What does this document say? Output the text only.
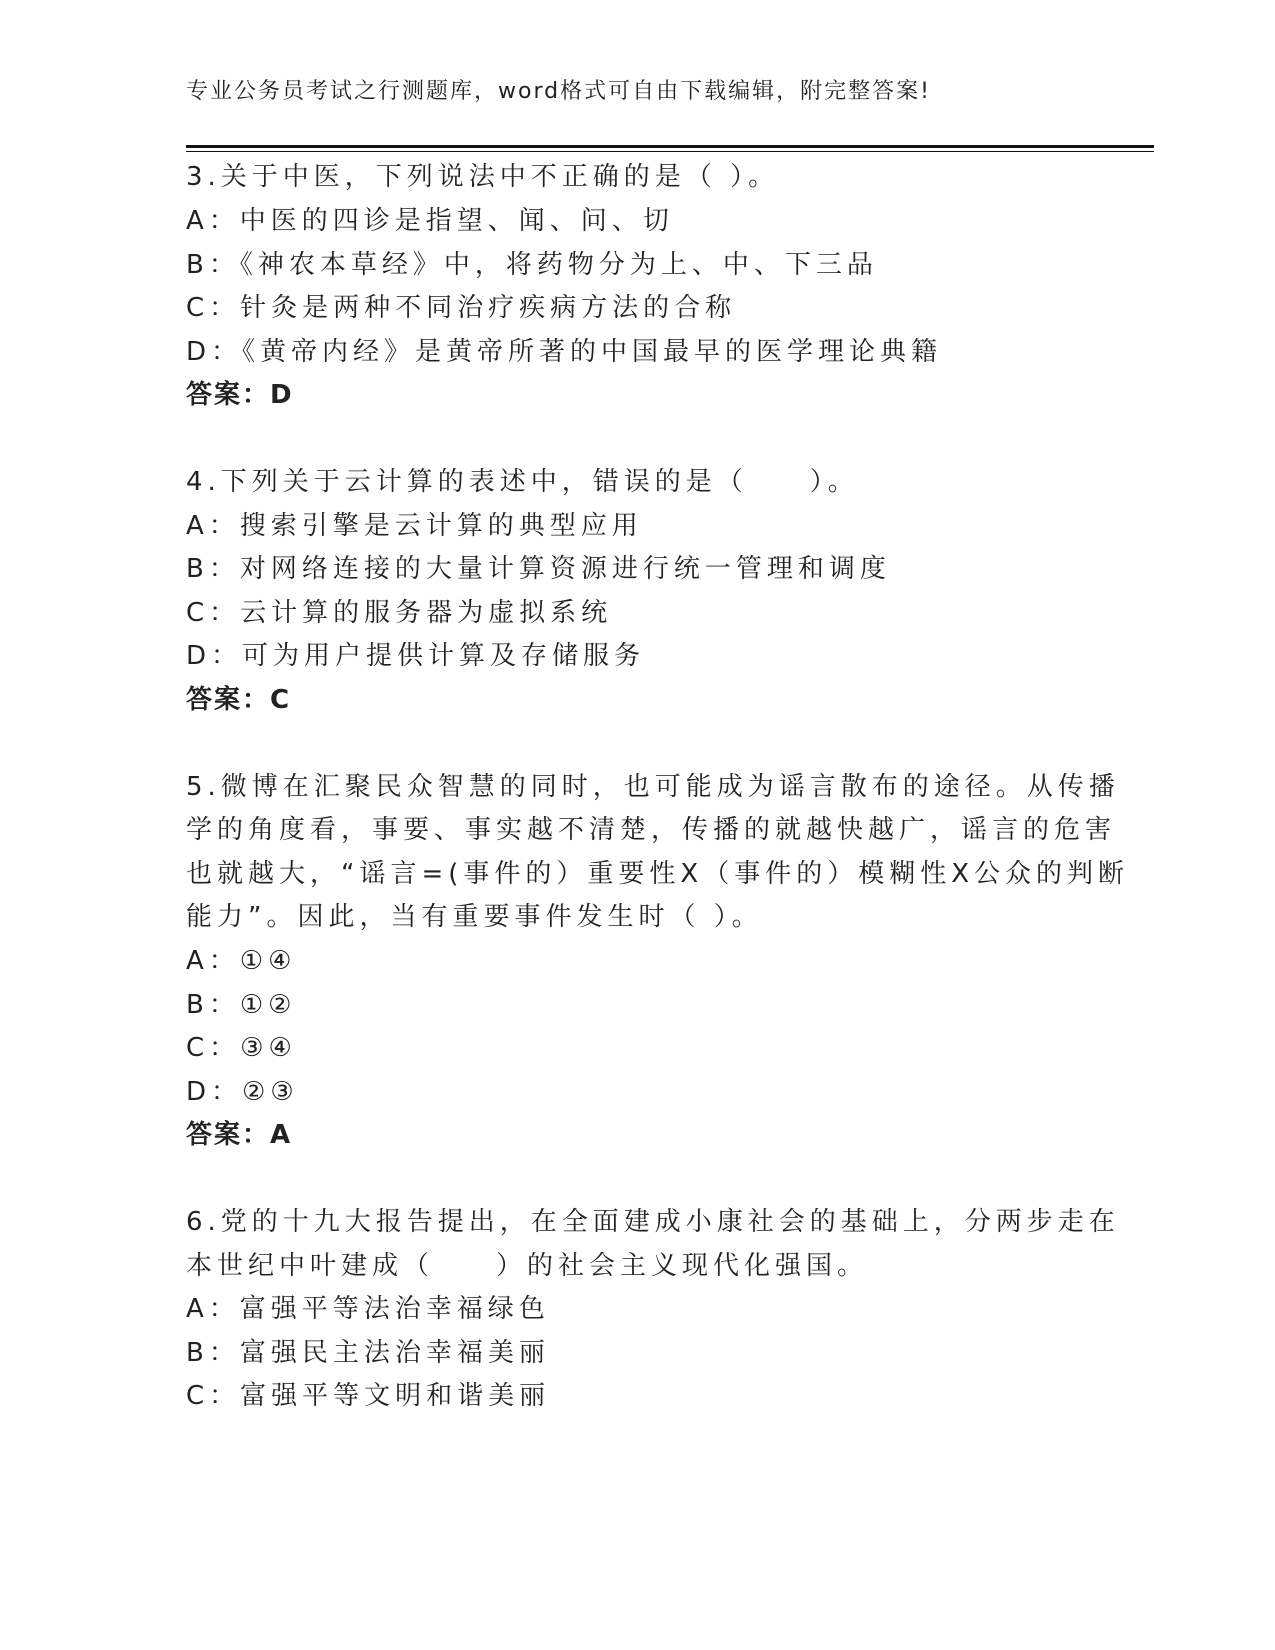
专业公务员考试之行测题库，word格式可自由下载编辑，附完整答案!
3.关于中医，下列说法中不正确的是（ ）。
A：中医的四诊是指望、闻、问、切
B：《神农本草经》中，将药物分为上、中、下三品
C：针灸是两种不同治疗疾病方法的合称
D：《黄帝内经》是黄帝所著的中国最早的医学理论典籍
答案：D
4.下列关于云计算的表述中，错误的是（　　）。
A：搜索引擎是云计算的典型应用
B：对网络连接的大量计算资源进行统一管理和调度
C：云计算的服务器为虚拟系统
D：可为用户提供计算及存储服务
答案：C
5.微博在汇聚民众智慧的同时，也可能成为谣言散布的途径。从传播
学的角度看，事要、事实越不清楚，传播的就越快越广，谣言的危害
也就越大，“谣言=(事件的）重要性X（事件的）模糊性X公众的判断
能力”。因此，当有重要事件发生时（ ）。
A：①④
B：①②
C：③④
D：②③
答案：A
6.党的十九大报告提出，在全面建成小康社会的基础上，分两步走在
本世纪中叶建成（　　）的社会主义现代化强国。
A：富强平等法治幸福绿色
B：富强民主法治幸福美丽
C：富强平等文明和谐美丽
